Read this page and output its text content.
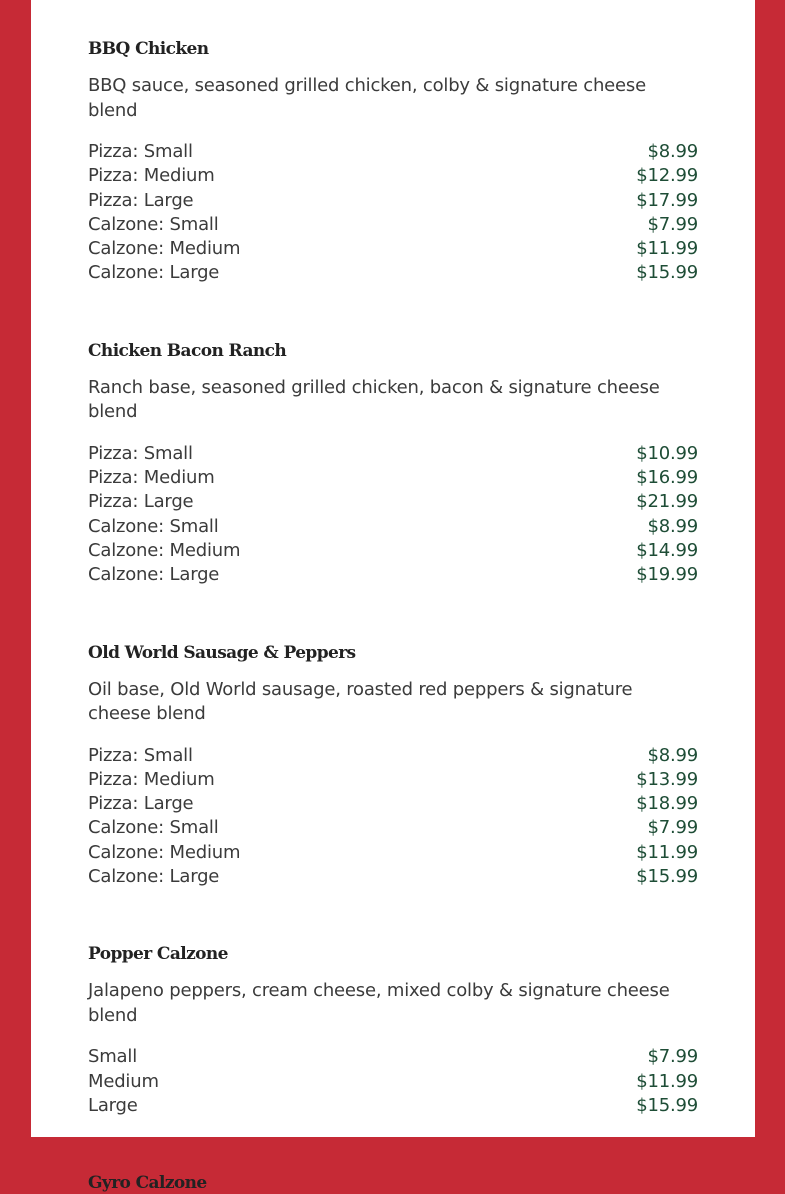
BBQ Chicken

BBQ sauce, seasoned grilled chicken, colby & signature cheese blend

Pizza: Small	$8.99
Pizza: Medium	$12.99
Pizza: Large	$17.99
Calzone: Small	$7.99
Calzone: Medium	$11.99
Calzone: Large	$15.99
Chicken Bacon Ranch

Ranch base, seasoned grilled chicken, bacon & signature cheese blend

Pizza: Small	$10.99
Pizza: Medium	$16.99
Pizza: Large	$21.99
Calzone: Small	$8.99
Calzone: Medium	$14.99
Calzone: Large	$19.99
Old World Sausage & Peppers

Oil base, Old World sausage, roasted red peppers & signature cheese blend

Pizza: Small	$8.99
Pizza: Medium	$13.99
Pizza: Large	$18.99
Calzone: Small	$7.99
Calzone: Medium	$11.99
Calzone: Large	$15.99
Popper Calzone

Jalapeno peppers, cream cheese, mixed colby & signature cheese blend

Small	$7.99
Medium	$11.99
Large	$15.99
Gyro Calzone
